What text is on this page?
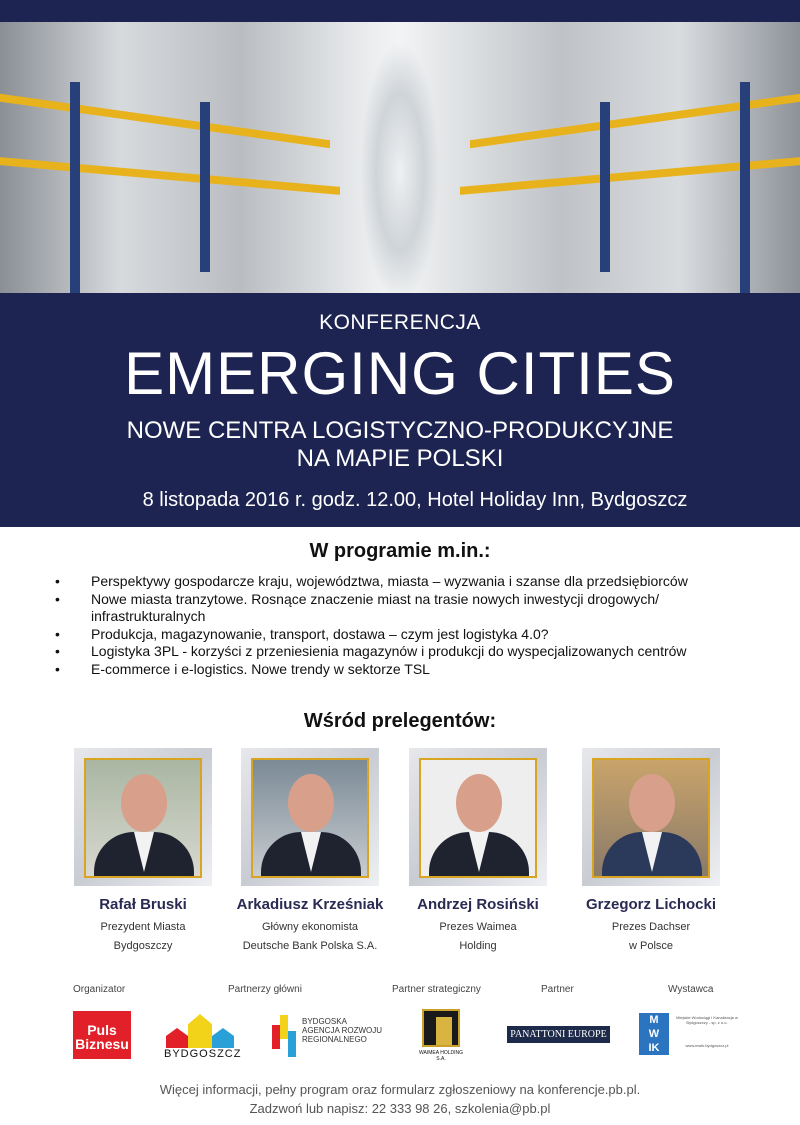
KONFERENCJA
EMERGING CITIES
NOWE CENTRA LOGISTYCZNO-PRODUKCYJNE
NA MAPIE POLSKI
8 listopada 2016 r. godz. 12.00, Hotel Holiday Inn, Bydgoszcz
W programie m.in.:
• Perspektywy gospodarcze kraju, województwa, miasta – wyzwania i szanse dla przedsiębiorców
• Nowe miasta tranzytowe. Rosnące znaczenie miast na trasie nowych inwestycji drogowych/ infrastrukturalnych
• Produkcja, magazynowanie, transport, dostawa – czym jest logistyka 4.0?
• Logistyka 3PL - korzyści z przeniesienia magazynów i produkcji do wyspecjalizowanych centrów
• E-commerce i e-logistics. Nowe trendy w sektorze TSL
Wśród prelegentów:
Rafał Bruski
Prezydent Miasta
Bydgoszczy
Arkadiusz Krześniak
Główny ekonomista
Deutsche Bank Polska S.A.
Andrzej Rosiński
Prezes Waimea
Holding
Grzegorz Lichocki
Prezes Dachser
w Polsce
Organizator	Partnerzy główni	Partner strategiczny	Partner	Wystawca
Puls Biznesu
BYDGOSZCZ
BYDGOSKA AGENCJA ROZWOJU REGIONALNEGO
WAIMEA HOLDING S.A.
PANATTONI EUROPE
M
W
IK
Miejskie Wodociągi i Kanalizacja w Bydgoszczy - sp. z o.o.
www.mwik.bydgoszcz.pl
Więcej informacji, pełny program oraz formularz zgłoszeniowy na konferencje.pb.pl.
Zadzwoń lub napisz: 22 333 98 26, szkolenia@pb.pl
